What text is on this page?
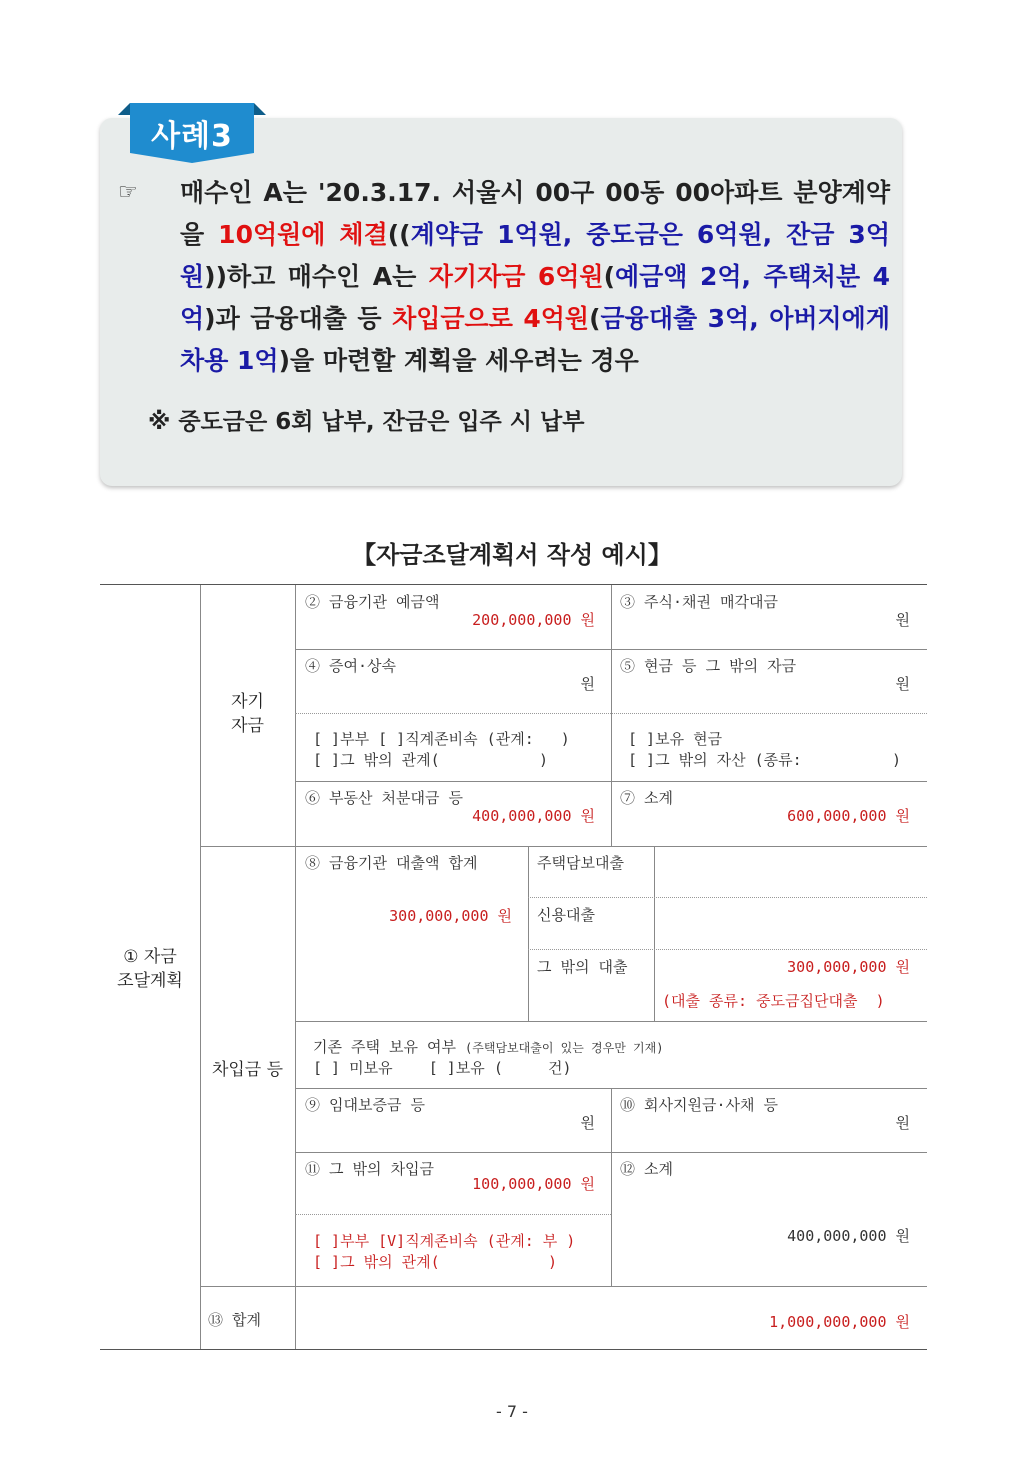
사례3
☞ 매수인 A는 '20.3.17. 서울시 00구 00동 00아파트 분양계약을 10억원에 체결((계약금 1억원, 중도금은 6억원, 잔금 3억원))하고 매수인 A는 자기자금 6억원(예금액 2억, 주택처분 4억)과 금융대출 등 차입금으로 4억원(금융대출 3억, 아버지에게 차용 1억)을 마련할 계획을 세우려는 경우
※ 중도금은 6회 납부, 잔금은 입주 시 납부
【자금조달계획서 작성 예시】
① 자금
조달계획
자기
자금
차입금 등
② 금융기관 예금액
200,000,000 원
③ 주식·채권 매각대금
원
④ 증여·상속
원
⑤ 현금 등 그 밖의 자금
원
[ ]부부 [ ]직계존비속 (관계:   )
[ ]그 밖의 관계(           )
[ ]보유 현금
[ ]그 밖의 자산 (종류:          )
⑥ 부동산 처분대금 등
400,000,000 원
⑦ 소계
600,000,000 원
⑧ 금융기관 대출액 합계
300,000,000 원
주택담보대출
신용대출
그 밖의 대출	300,000,000 원
(대출 종류: 중도금집단대출  )
기존 주택 보유 여부 (주택담보대출이 있는 경우만 기재)
[ ] 미보유    [ ]보유 (     건)
⑨ 임대보증금 등
원
⑩ 회사지원금·사채 등
원
⑪ 그 밖의 차입금
100,000,000 원
[ ]부부 [V]직계존비속 (관계: 부 )
[ ]그 밖의 관계(            )
⑫ 소계
400,000,000 원
⑬ 합계	1,000,000,000 원
- 7 -
